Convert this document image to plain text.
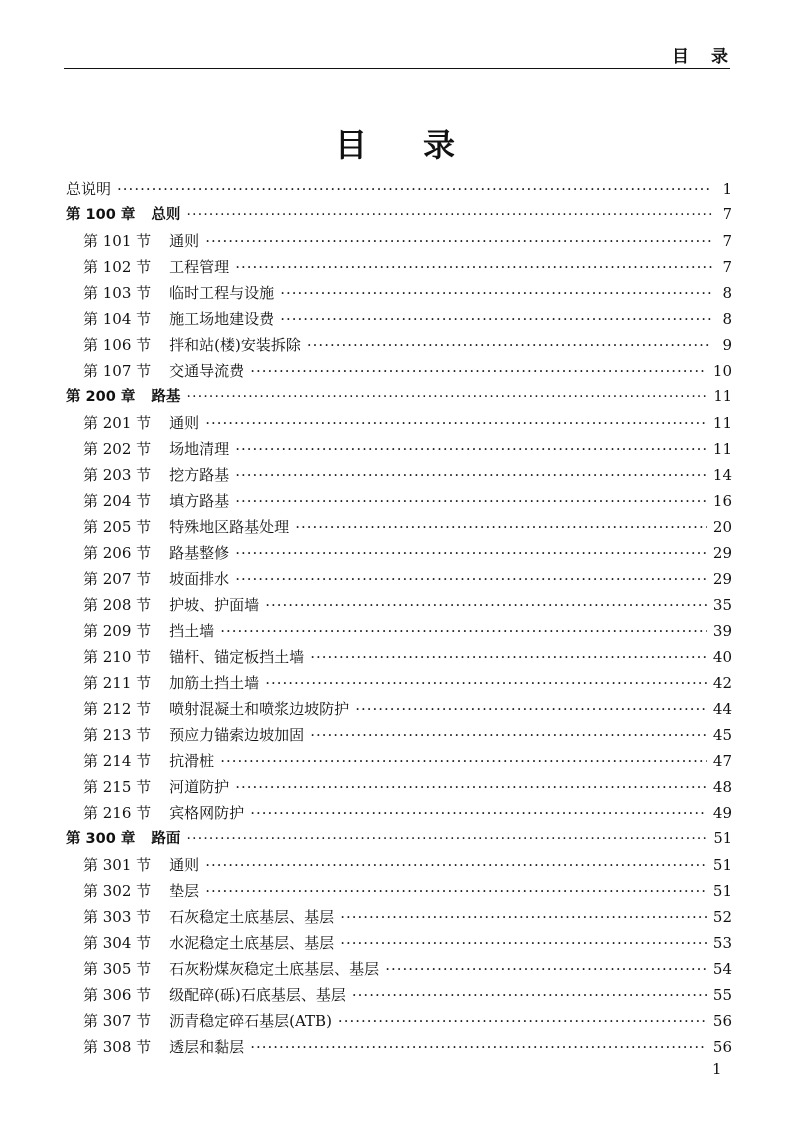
目录
目录
总说明 ·····	1
第 100 章 总则 ·····	7
第 101 节 通则 ·····	7
第 102 节 工程管理 ·····	7
第 103 节 临时工程与设施 ·····	8
第 104 节 施工场地建设费 ·····	8
第 106 节 拌和站(楼)安装拆除 ·····	9
第 107 节 交通导流费 ·····	10
第 200 章 路基 ·····	11
第 201 节 通则 ·····	11
第 202 节 场地清理 ·····	11
第 203 节 挖方路基 ·····	14
第 204 节 填方路基 ·····	16
第 205 节 特殊地区路基处理 ·····	20
第 206 节 路基整修 ·····	29
第 207 节 坡面排水 ·····	29
第 208 节 护坡、护面墙 ·····	35
第 209 节 挡土墙 ·····	39
第 210 节 锚杆、锚定板挡土墙 ·····	40
第 211 节 加筋土挡土墙 ·····	42
第 212 节 喷射混凝土和喷浆边坡防护 ·····	44
第 213 节 预应力锚索边坡加固 ·····	45
第 214 节 抗滑桩 ·····	47
第 215 节 河道防护 ·····	48
第 216 节 宾格网防护 ·····	49
第 300 章 路面 ·····	51
第 301 节 通则 ·····	51
第 302 节 垫层 ·····	51
第 303 节 石灰稳定土底基层、基层 ·····	52
第 304 节 水泥稳定土底基层、基层 ·····	53
第 305 节 石灰粉煤灰稳定土底基层、基层 ·····	54
第 306 节 级配碎(砾)石底基层、基层 ·····	55
第 307 节 沥青稳定碎石基层(ATB) ·····	56
第 308 节 透层和黏层 ·····	56
1
